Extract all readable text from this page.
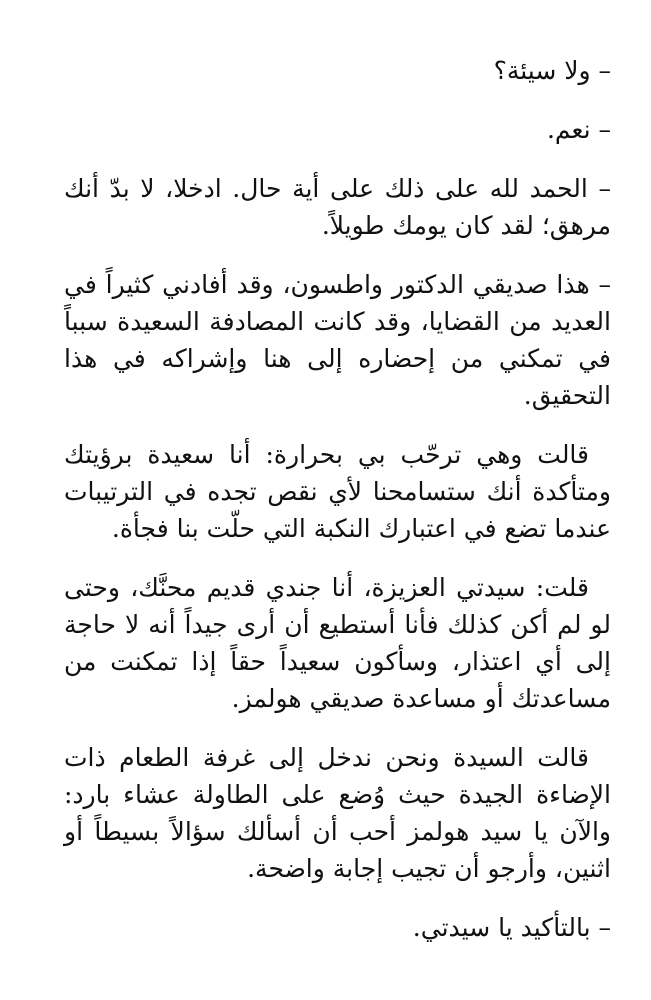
– ولا سيئة؟

– نعم.

– الحمد لله على ذلك على أية حال. ادخلا، لا بدّ أنك مرهق؛ لقد كان يومك طويلاً.

– هذا صديقي الدكتور واطسون، وقد أفادني كثيراً في العديد من القضايا، وقد كانت المصادفة السعيدة سبباً في تمكني من إحضاره إلى هنا وإشراكه في هذا التحقيق.

قالت وهي ترحّب بي بحرارة: أنا سعيدة برؤيتك ومتأكدة أنك ستسامحنا لأي نقص تجده في الترتيبات عندما تضع في اعتبارك النكبة التي حلّت بنا فجأة.

قلت: سيدتي العزيزة، أنا جندي قديم محنَّك، وحتى لو لم أكن كذلك فأنا أستطيع أن أرى جيداً أنه لا حاجة إلى أي اعتذار، وسأكون سعيداً حقاً إذا تمكنت من مساعدتك أو مساعدة صديقي هولمز.

قالت السيدة ونحن ندخل إلى غرفة الطعام ذات الإضاءة الجيدة حيث وُضع على الطاولة عشاء بارد: والآن يا سيد هولمز أحب أن أسألك سؤالاً بسيطاً أو اثنين، وأرجو أن تجيب إجابة واضحة.

– بالتأكيد يا سيدتي.
